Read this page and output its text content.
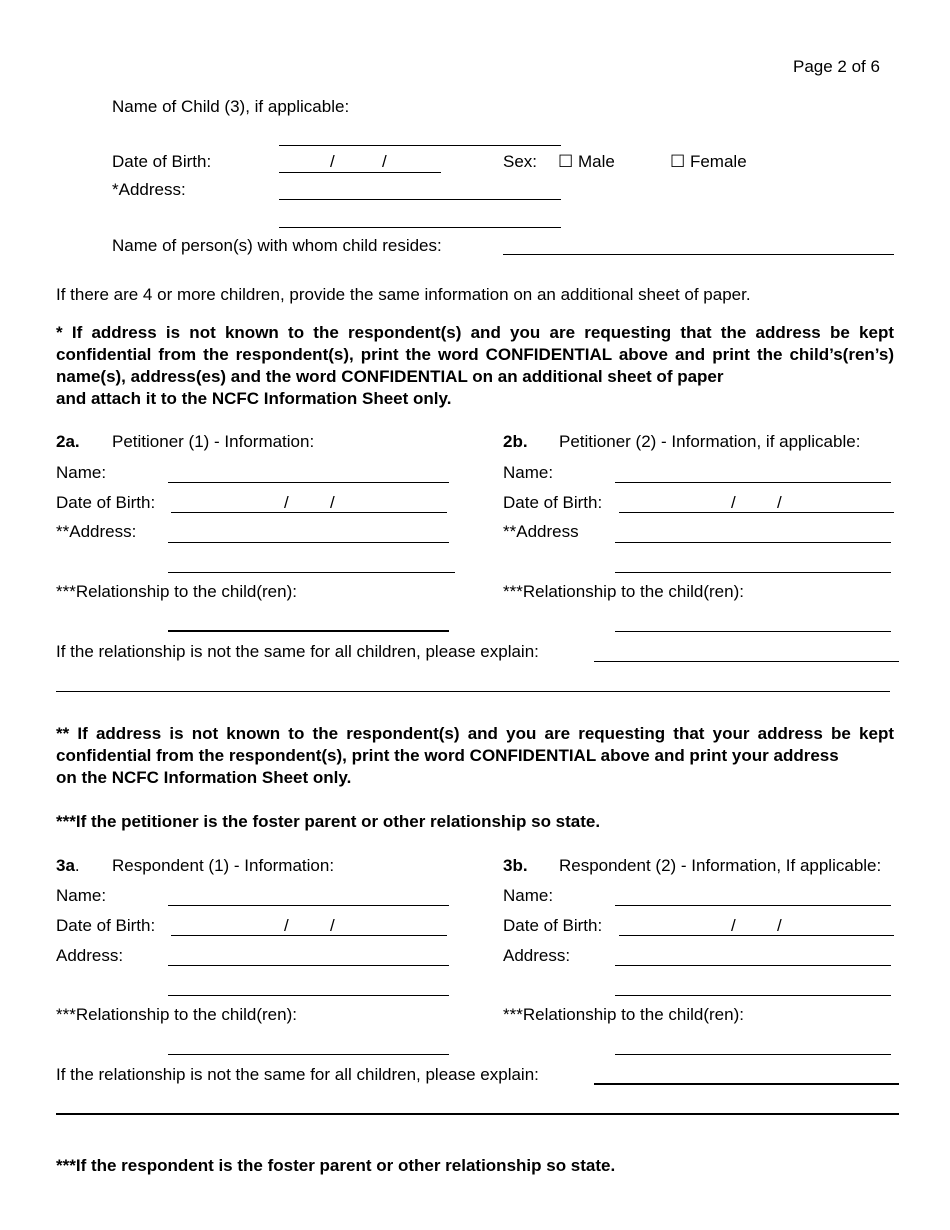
Page 2 of 6
Name of Child (3), if applicable:
Date of Birth:	/	/	Sex: ☐ Male	☐ Female
*Address:
Name of person(s) with whom child resides:
If there are 4 or more children, provide the same information on an additional sheet of paper.
* If address is not known to the respondent(s) and you are requesting that the address be kept confidential from the respondent(s), print the word CONFIDENTIAL above and print the child’s(ren’s) name(s), address(es) and the word CONFIDENTIAL on an additional sheet of paper
and attach it to the NCFC Information Sheet only.
2a. Petitioner (1) - Information:
Name:
Date of Birth:	/ /
**Address:
***Relationship to the child(ren):
2b. Petitioner (2) - Information, if applicable:
Name:
Date of Birth:	/ /
**Address
***Relationship to the child(ren):
If the relationship is not the same for all children, please explain:
** If address is not known to the respondent(s) and you are requesting that your address be kept confidential from the respondent(s), print the word CONFIDENTIAL above and print your address
on the NCFC Information Sheet only.
***If the petitioner is the foster parent or other relationship so state.
3a. Respondent (1) - Information:
Name:
Date of Birth:	/ /
Address:
***Relationship to the child(ren):
3b. Respondent (2) - Information, If applicable:
Name:
Date of Birth:	/ /
Address:
***Relationship to the child(ren):
If the relationship is not the same for all children, please explain:
***If the respondent is the foster parent or other relationship so state.
